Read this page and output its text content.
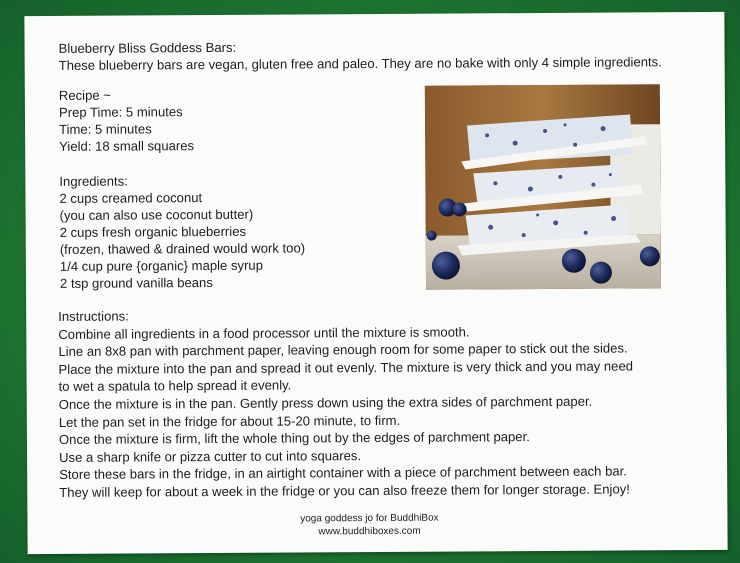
Blueberry Bliss Goddess Bars:
These blueberry bars are vegan, gluten free and paleo. They are no bake with only 4 simple ingredients.
Recipe ~
Prep Time: 5 minutes
Time: 5 minutes
Yield: 18 small squares
Ingredients:
2 cups creamed coconut
(you can also use coconut butter)
2 cups fresh organic blueberries
(frozen, thawed & drained would work too)
1/4 cup pure {organic} maple syrup
2 tsp ground vanilla beans
Instructions:
Combine all ingredients in a food processor until the mixture is smooth.
Line an 8x8 pan with parchment paper, leaving enough room for some paper to stick out the sides.
Place the mixture into the pan and spread it out evenly. The mixture is very thick and you may need
to wet a spatula to help spread it evenly.
Once the mixture is in the pan. Gently press down using the extra sides of parchment paper.
Let the pan set in the fridge for about 15-20 minute, to firm.
Once the mixture is firm, lift the whole thing out by the edges of parchment paper.
Use a sharp knife or pizza cutter to cut into squares.
Store these bars in the fridge, in an airtight container with a piece of parchment between each bar.
They will keep for about a week in the fridge or you can also freeze them for longer storage. Enjoy!
yoga goddess jo for BuddhiBox
www.buddhiboxes.com
